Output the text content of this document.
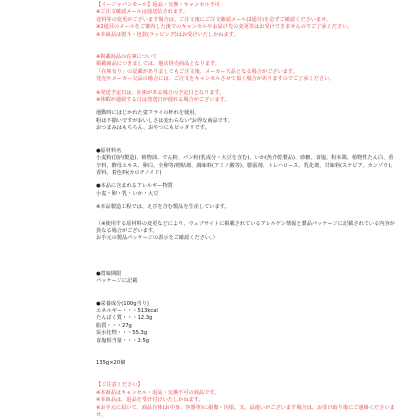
【イージャパンモール】返品・交換・キャンセル不可
※ご注文確認メールは通送信されます。
送料等の変更がございます場合は、ご注文後にご注文確認メール(2通目)を必ずご確認くださいませ。
※2通目のメールをご案内した後でのキャンセルやお届け先の変更等はお受けできませんのでご了承ください。
※本商品は熨斗・包装(ラッピング)はお受けいたしかねます。
※掲載商品の在庫について
掲載商品につきましては、他店併売商品となります。
「在庫有り」の記載がありましてもご注文後、メーカー欠品となる場合がございます。
発売やメーカー欠品の場合には、ご注文をキャンセルさせて頂く場合がありますのでご了承ください。
※発送予定日は、在庫がある場合の予定日となります。
※休暇が連続する日は発送日が遅れる場合がございます。
運動時にはじかれた姿フライの杯れを使用。
粉は不揃いですがおいしさは変わらない"お得な商品です。
おつまみはもちろん、おやつにもピッタリです。
●原材料名
小麦粉(国内製造)、植物油、でん粉、パン粉(乳成分・大豆を含む)、いか(魚介乾製品)、砂糖、食塩、粉末鶏、植物性たん白、香辛料、酵母エキス、卵白、全卵等/増粘剤、調味料(アミノ酸等)、膨張剤、トレハロース、乳化剤、甘味料(ステビア、カンゾウ)、香料、着色料(カロチノイド)
●本品に含まれるアレルギー物質
小麦・卵・乳・いか・大豆
※本品製造工程では、えびを含む製品を生産しています。
（※使用する原材料の変更などにより、ウェブサイトに掲載されているアレルゲン情報と製品パッケージに記載されている内容が異なる場合がございます。
お手元の製品パッケージの表示をご確認ください。）
●賞味期限
パッケージに記載
●栄養成分(100g当り)
エネルギー・・・513kcal
たんぱく質・・・12.3g
脂質・・・27g
炭水化物・・・55.3g
食塩相当量・・・2.5g
135g×20個
【ご注意ください】
※本商品はキャンセル・返品・交換不可の商品です。
※本商品は、返品を受け付けいたしかねます。
※お手元に届いて、商品自体(お中身、容器等)に損傷・汚損、又、品違いがございます場合は、お受け取り後にご連絡くださいませ。
